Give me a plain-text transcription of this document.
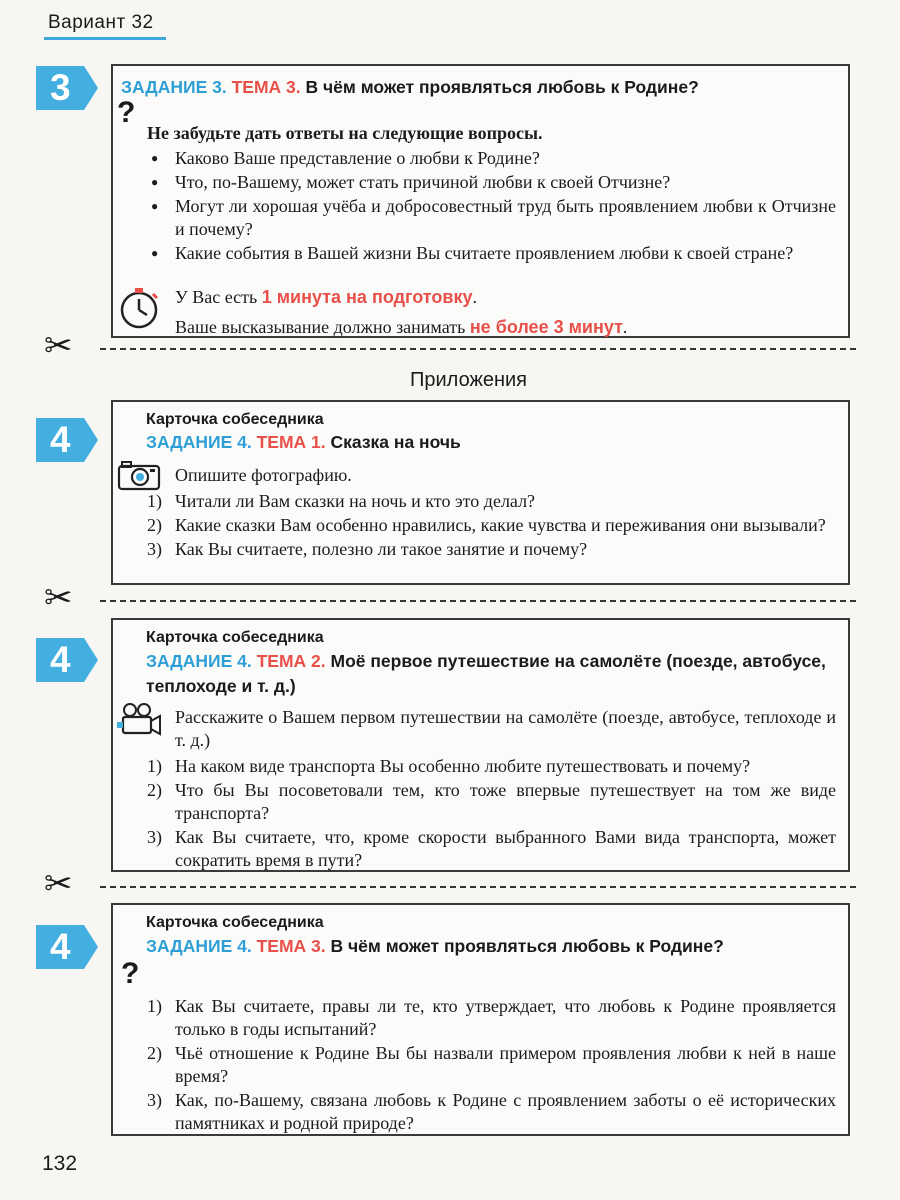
Вариант 32
3	ЗАДАНИЕ 3. ТЕМА 3. В чём может проявляться любовь к Родине?
?
Не забудьте дать ответы на следующие вопросы.
● Каково Ваше представление о любви к Родине?
● Что, по-Вашему, может стать причиной любви к своей Отчизне?
● Могут ли хорошая учёба и добросовестный труд быть проявлением любви к Отчизне и почему?
● Какие события в Вашей жизни Вы считаете проявлением любви к своей стране?
У Вас есть 1 минута на подготовку.
Ваше высказывание должно занимать не более 3 минут.
✂
Приложения
4	Карточка собеседника
ЗАДАНИЕ 4. ТЕМА 1. Сказка на ночь
Опишите фотографию.
1) Читали ли Вам сказки на ночь и кто это делал?
2) Какие сказки Вам особенно нравились, какие чувства и переживания они вызывали?
3) Как Вы считаете, полезно ли такое занятие и почему?
✂
4
Карточка собеседника
ЗАДАНИЕ 4. ТЕМА 2. Моё первое путешествие на самолёте (поезде, автобусе, теплоходе и т. д.)
Расскажите о Вашем первом путешествии на самолёте (поезде, автобусе, теплоходе и т. д.)
1) На каком виде транспорта Вы особенно любите путешествовать и почему?
2) Что бы Вы посоветовали тем, кто тоже впервые путешествует на том же виде транспорта?
3) Как Вы считаете, что, кроме скорости выбранного Вами вида транспорта, может сократить время в пути?
✂
4
Карточка собеседника
ЗАДАНИЕ 4. ТЕМА 3. В чём может проявляться любовь к Родине?
?
1) Как Вы считаете, правы ли те, кто утверждает, что любовь к Родине проявляется только в годы испытаний?
2) Чьё отношение к Родине Вы бы назвали примером проявления любви к ней в наше время?
3) Как, по-Вашему, связана любовь к Родине с проявлением заботы о её исторических памятниках и родной природе?
132
